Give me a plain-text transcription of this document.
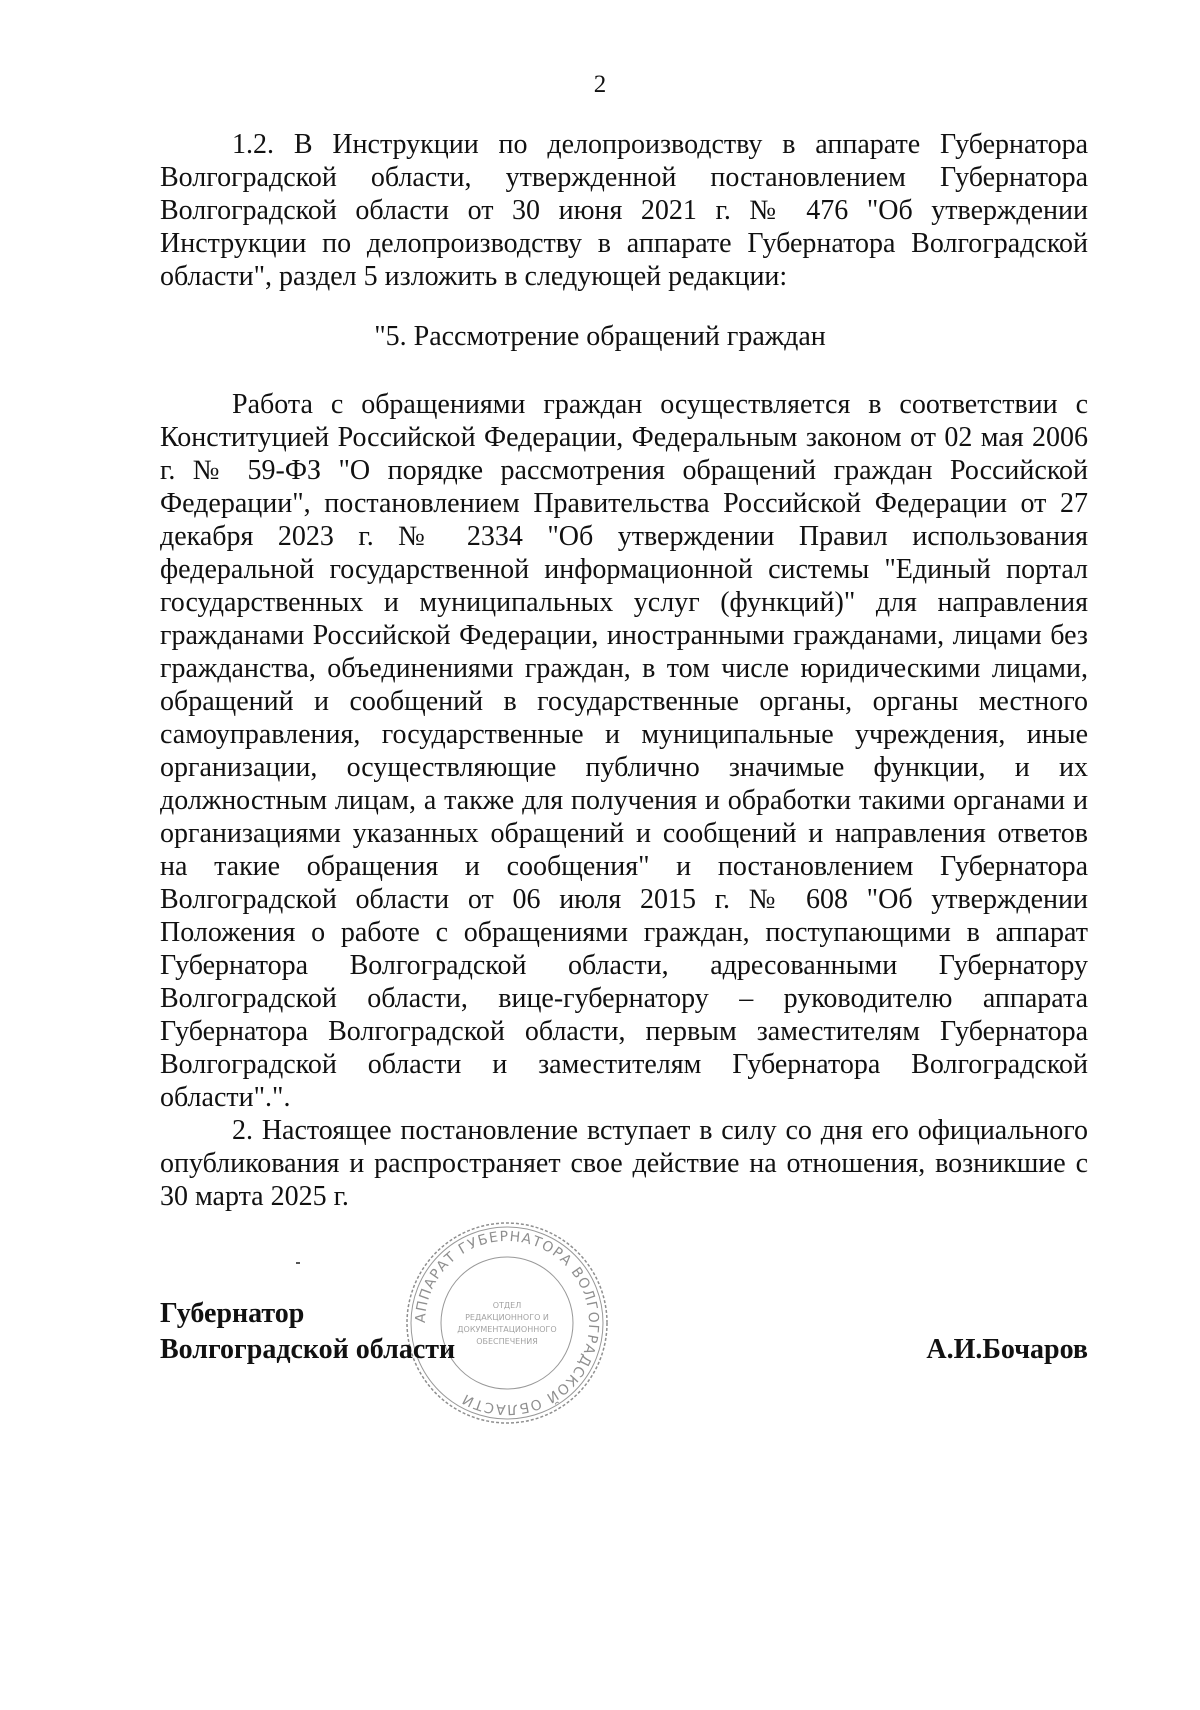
2

1.2. В Инструкции по делопроизводству в аппарате Губернатора Волгоградской области, утвержденной постановлением Губернатора Волгоградской области от 30 июня 2021 г. № 476 "Об утверждении Инструкции по делопроизводству в аппарате Губернатора Волгоградской области", раздел 5 изложить в следующей редакции:

"5. Рассмотрение обращений граждан

Работа с обращениями граждан осуществляется в соответствии с Конституцией Российской Федерации, Федеральным законом от 02 мая 2006 г. № 59-ФЗ "О порядке рассмотрения обращений граждан Российской Федерации", постановлением Правительства Российской Федерации от 27 декабря 2023 г. № 2334 "Об утверждении Правил использования федеральной государственной информационной системы "Единый портал государственных и муниципальных услуг (функций)" для направления гражданами Российской Федерации, иностранными гражданами, лицами без гражданства, объединениями граждан, в том числе юридическими лицами, обращений и сообщений в государственные органы, органы местного самоуправления, государственные и муниципальные учреждения, иные организации, осуществляющие публично значимые функции, и их должностным лицам, а также для получения и обработки такими органами и организациями указанных обращений и сообщений и направления ответов на такие обращения и сообщения" и постановлением Губернатора Волгоградской области от 06 июля 2015 г. № 608 "Об утверждении Положения о работе с обращениями граждан, поступающими в аппарат Губернатора Волгоградской области, адресованными Губернатору Волгоградской области, вице-губернатору – руководителю аппарата Губернатора Волгоградской области, первым заместителям Губернатора Волгоградской области и заместителям Губернатора Волгоградской области".".

2. Настоящее постановление вступает в силу со дня его официального опубликования и распространяет свое действие на отношения, возникшие с 30 марта 2025 г.

АППАРАТ ГУБЕРНАТОРА ВОЛГОГРАДСКОЙ ОБЛАСТИ
ОТДЕЛ
РЕДАКЦИОННОГО И
ДОКУМЕНТАЦИОННОГО
ОБЕСПЕЧЕНИЯ
Губернатор
Волгоградской области	А.И.Бочаров
